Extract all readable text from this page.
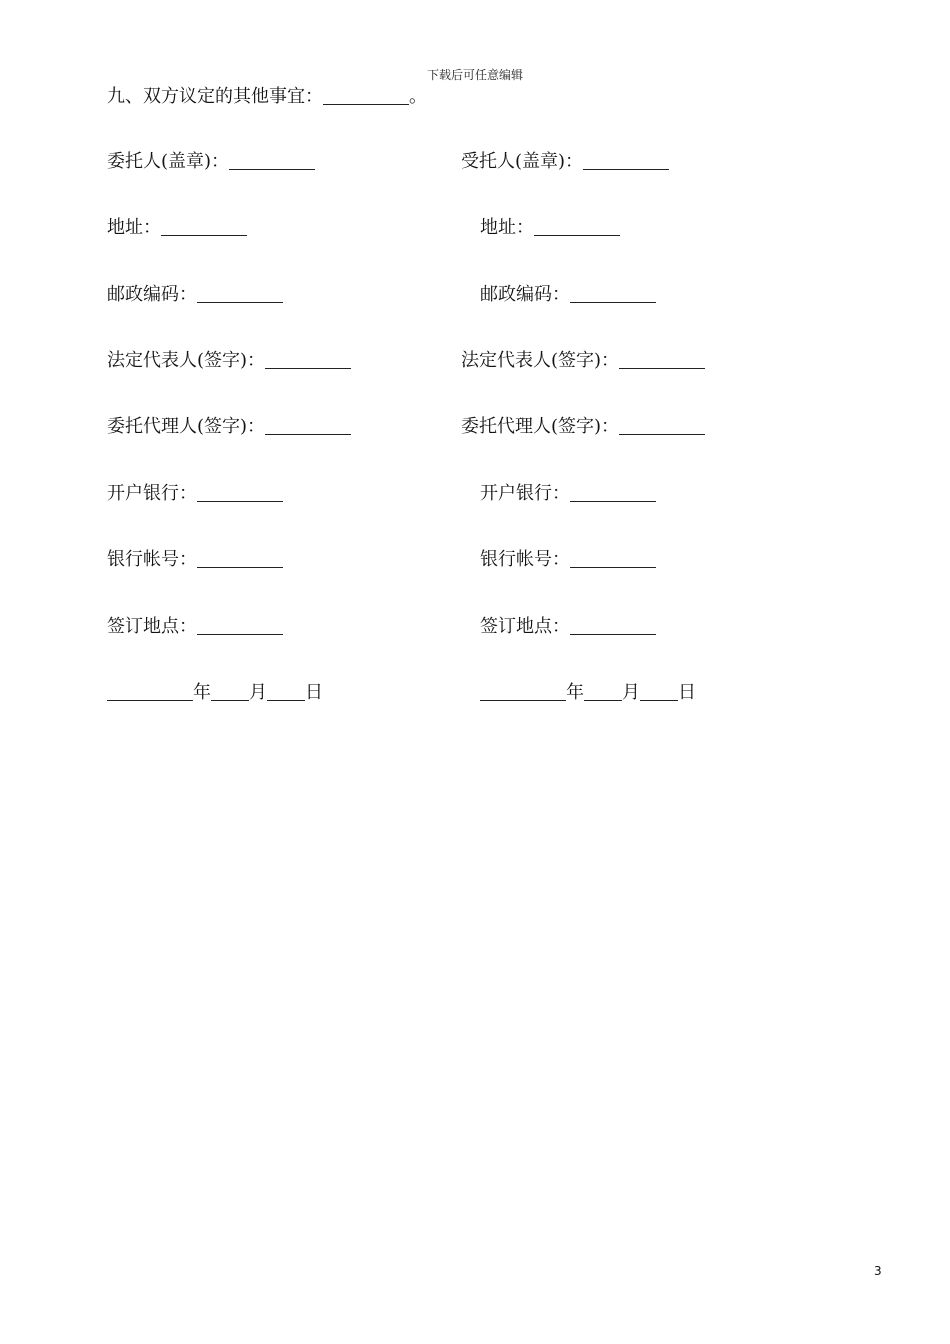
下载后可任意编辑
九、双方议定的其他事宜：	。
委托人(盖章)：
地址：
邮政编码：
法定代表人(签字)：
委托代理人(签字)：
开户银行：
银行帐号：
签订地点：
年 月 日
受托人(盖章)：
地址：
邮政编码：
法定代表人(签字)：
委托代理人(签字)：
开户银行：
银行帐号：
签订地点：
年 月 日
3
